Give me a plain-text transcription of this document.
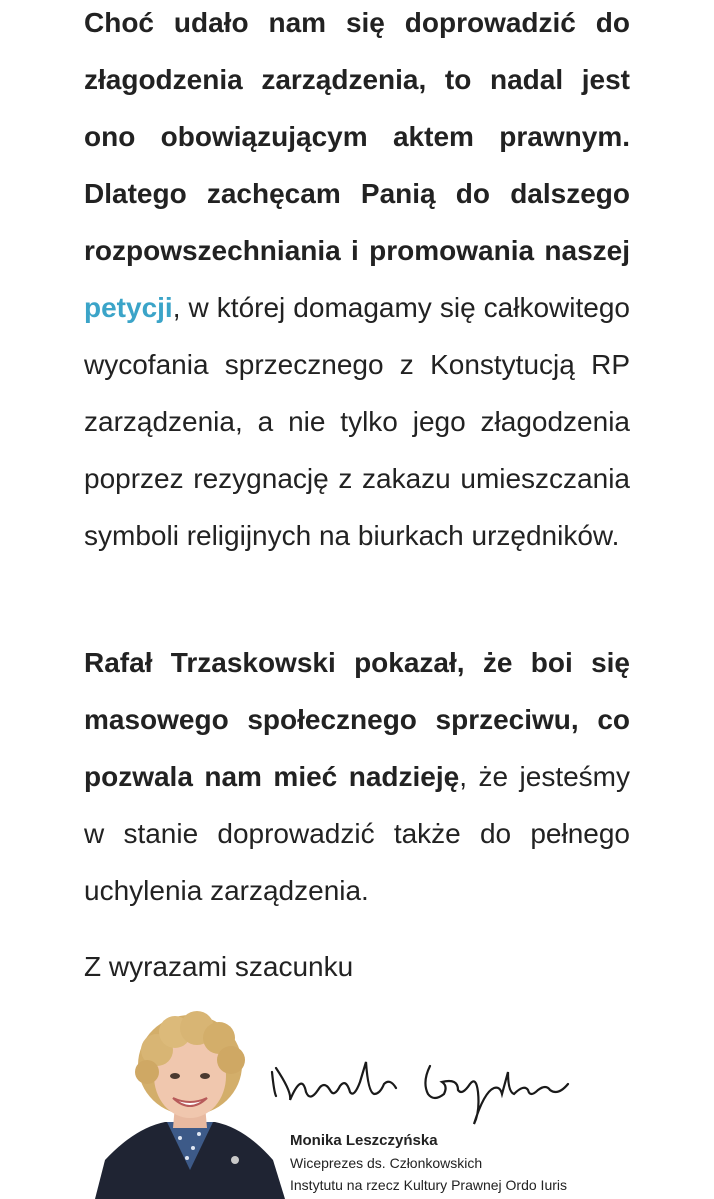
Choć udało nam się doprowadzić do złagodzenia zarządzenia, to nadal jest ono obowiązującym aktem prawnym. Dlatego zachęcam Panią do dalszego rozpowszechniania i promowania naszej petycji, w której domagamy się całkowitego wycofania sprzecznego z Konstytucją RP zarządzenia, a nie tylko jego złagodzenia poprzez rezygnację z zakazu umieszczania symboli religijnych na biurkach urzędników.

Rafał Trzaskowski pokazał, że boi się masowego społecznego sprzeciwu, co pozwala nam mieć nadzieję, że jesteśmy w stanie doprowadzić także do pełnego uchylenia zarządzenia.

Z wyrazami szacunku

Monika Leszczyńska
Wiceprezes ds. Członkowskich
Instytutu na rzecz Kultury Prawnej Ordo Iuris
